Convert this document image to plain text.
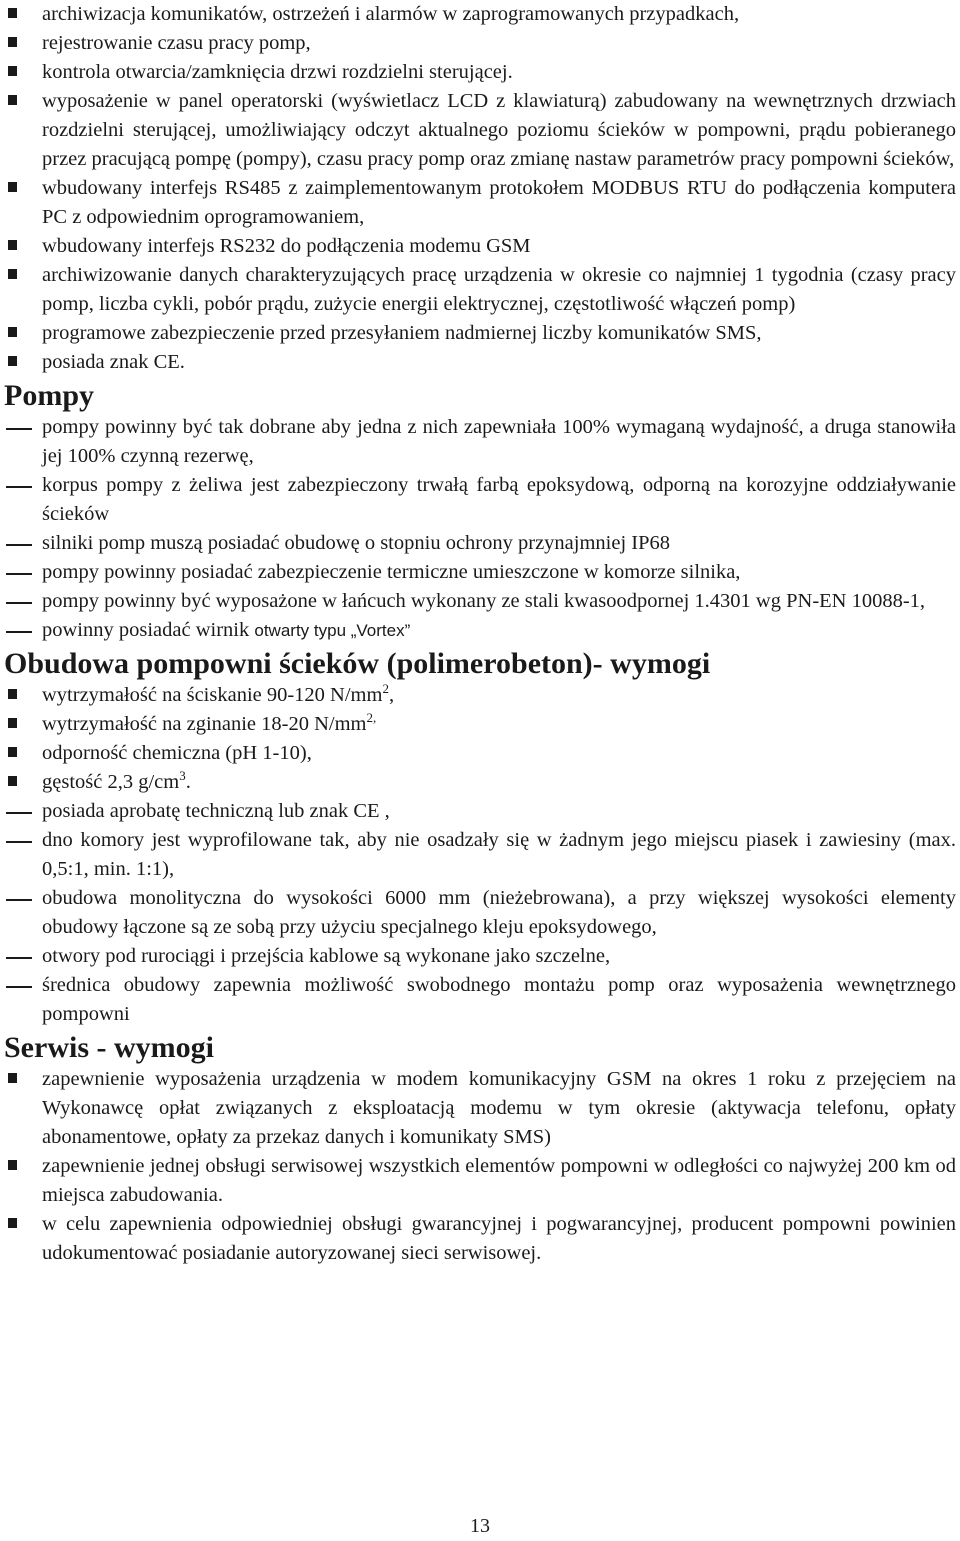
archiwizacja komunikatów, ostrzeżeń i alarmów w zaprogramowanych przypadkach,
rejestrowanie czasu pracy pomp,
kontrola otwarcia/zamknięcia drzwi rozdzielni sterującej.
wyposażenie w panel operatorski (wyświetlacz LCD z klawiaturą) zabudowany na wewnętrznych drzwiach rozdzielni sterującej, umożliwiający odczyt aktualnego poziomu ścieków w pompowni, prądu pobieranego przez pracującą pompę (pompy), czasu pracy pomp oraz zmianę nastaw parametrów pracy pompowni ścieków,
wbudowany interfejs RS485 z zaimplementowanym protokołem MODBUS RTU do podłączenia komputera PC z odpowiednim oprogramowaniem,
wbudowany interfejs RS232 do podłączenia modemu GSM
archiwizowanie danych charakteryzujących pracę urządzenia w okresie co najmniej 1 tygodnia (czasy pracy pomp, liczba cykli, pobór prądu, zużycie energii elektrycznej, częstotliwość włączeń pomp)
programowe zabezpieczenie przed przesyłaniem nadmiernej liczby komunikatów SMS,
posiada znak CE.
Pompy
pompy powinny być tak dobrane aby jedna z nich zapewniała 100% wymaganą wydajność, a druga stanowiła jej 100% czynną rezerwę,
korpus pompy z żeliwa jest zabezpieczony trwałą farbą epoksydową, odporną na korozyjne oddziaływanie ścieków
silniki pomp muszą posiadać obudowę o stopniu ochrony przynajmniej IP68
pompy powinny posiadać zabezpieczenie termiczne umieszczone w komorze silnika,
pompy powinny być wyposażone w łańcuch wykonany ze stali kwasoodpornej 1.4301 wg PN-EN 10088-1,
powinny posiadać wirnik otwarty typu „Vortex”
Obudowa pompowni ścieków (polimerobeton)- wymogi
wytrzymałość na ściskanie 90-120 $N/mm^2$,
wytrzymałość na zginanie 18-20 $N/mm^{2,}$
odporność chemiczna (pH 1-10),
gęstość 2,3 $g/cm^3$.
posiada aprobatę techniczną lub znak CE ,
dno komory jest wyprofilowane tak, aby nie osadzały się w żadnym jego miejscu piasek i zawiesiny (max. 0,5:1, min. 1:1),
obudowa monolityczna do wysokości 6000 mm (nieżebrowana), a przy większej wysokości elementy obudowy łączone są ze sobą przy użyciu specjalnego kleju epoksydowego,
otwory pod rurociągi i przejścia kablowe są wykonane jako szczelne,
średnica obudowy zapewnia możliwość swobodnego montażu pomp oraz wyposażenia wewnętrznego pompowni
Serwis - wymogi
zapewnienie wyposażenia urządzenia w modem komunikacyjny GSM na okres 1 roku z przejęciem na Wykonawcę opłat związanych z eksploatacją modemu w tym okresie (aktywacja telefonu, opłaty abonamentowe, opłaty za przekaz danych i komunikaty SMS)
zapewnienie jednej obsługi serwisowej wszystkich elementów pompowni w odległości co najwyżej 200 km od miejsca zabudowania.
w celu zapewnienia odpowiedniej obsługi gwarancyjnej i pogwarancyjnej, producent pompowni powinien udokumentować posiadanie autoryzowanej sieci serwisowej.
13
